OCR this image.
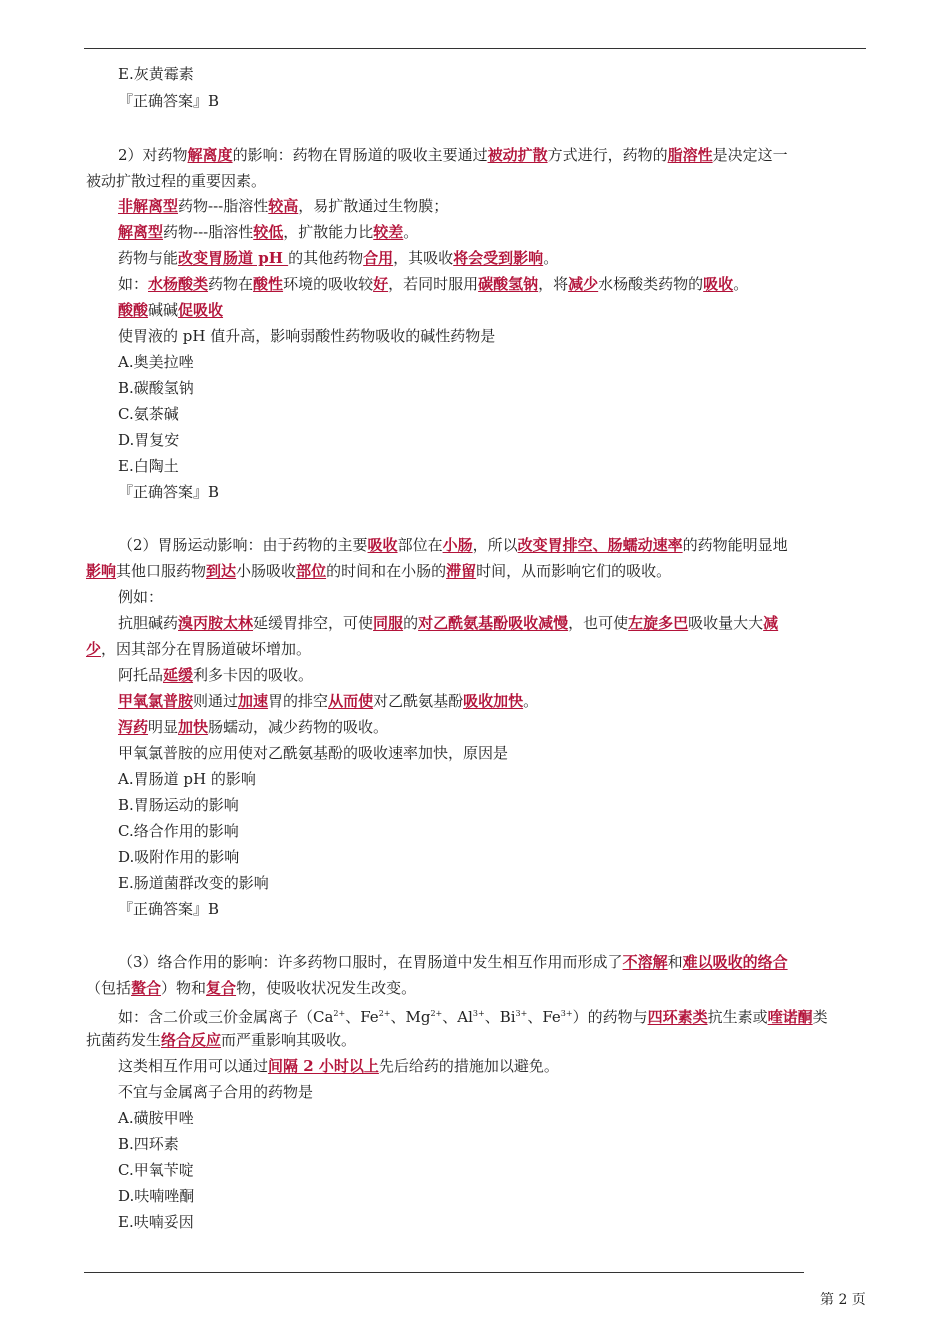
E.灰黄霉素
『正确答案』B
2）对药物解离度的影响：药物在胃肠道的吸收主要通过被动扩散方式进行，药物的脂溶性是决定这一
被动扩散过程的重要因素。
非解离型药物---脂溶性较高，易扩散通过生物膜；
解离型药物---脂溶性较低，扩散能力比较差。
药物与能改变胃肠道 pH 的其他药物合用，其吸收将会受到影响。
如：水杨酸类药物在酸性环境的吸收较好，若同时服用碳酸氢钠，将减少水杨酸类药物的吸收。
酸酸碱碱促吸收
使胃液的 pH 值升高，影响弱酸性药物吸收的碱性药物是
A.奥美拉唑
B.碳酸氢钠
C.氨茶碱
D.胃复安
E.白陶土
『正确答案』B
（2）胃肠运动影响：由于药物的主要吸收部位在小肠，所以改变胃排空、肠蠕动速率的药物能明显地
影响其他口服药物到达小肠吸收部位的时间和在小肠的滞留时间，从而影响它们的吸收。
例如：
抗胆碱药溴丙胺太林延缓胃排空，可使同服的对乙酰氨基酚吸收减慢，也可使左旋多巴吸收量大大减
少，因其部分在胃肠道破坏增加。
阿托品延缓利多卡因的吸收。
甲氧氯普胺则通过加速胃的排空从而使对乙酰氨基酚吸收加快。
泻药明显加快肠蠕动，减少药物的吸收。
甲氧氯普胺的应用使对乙酰氨基酚的吸收速率加快，原因是
A.胃肠道 pH 的影响
B.胃肠运动的影响
C.络合作用的影响
D.吸附作用的影响
E.肠道菌群改变的影响
『正确答案』B
（3）络合作用的影响：许多药物口服时，在胃肠道中发生相互作用而形成了不溶解和难以吸收的络合
（包括螯合）物和复合物，使吸收状况发生改变。
如：含二价或三价金属离子（$Ca^{2+}$、$Fe^{2+}$、$Mg^{2+}$、$Al^{3+}$、$Bi^{3+}$、$Fe^{3+}$）的药物与四环素类抗生素或喹诺酮类
抗菌药发生络合反应而严重影响其吸收。
这类相互作用可以通过间隔 2 小时以上先后给药的措施加以避免。
不宜与金属离子合用的药物是
A.磺胺甲唑
B.四环素
C.甲氧苄啶
D.呋喃唑酮
E.呋喃妥因
第 2 页
